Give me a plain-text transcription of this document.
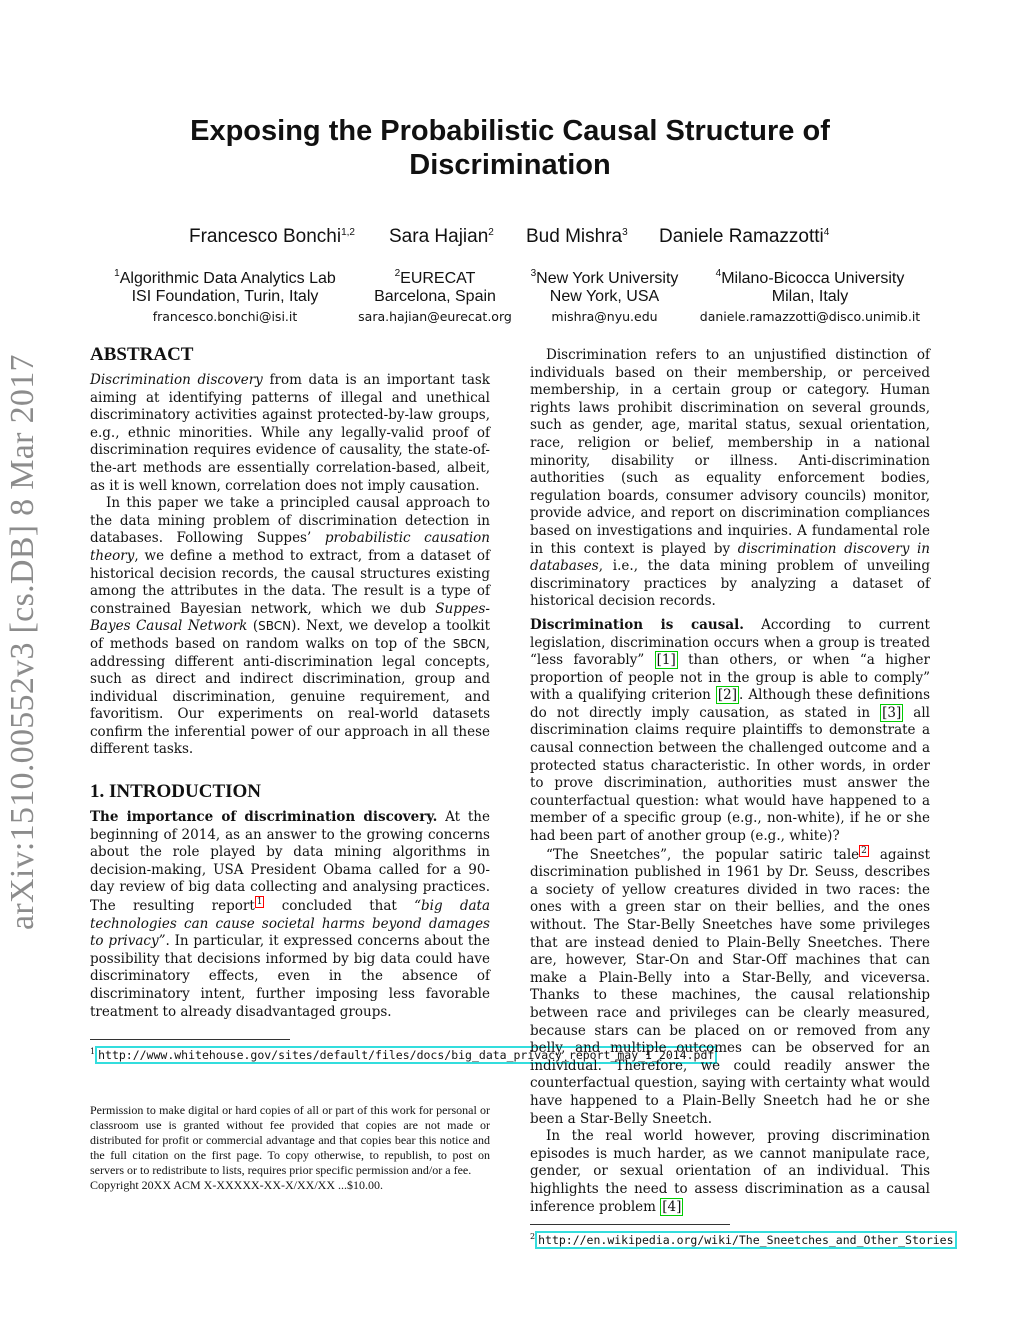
Exposing the Probabilistic Causal Structure of Discrimination
Francesco Bonchi$^{1,2}$ Sara Hajian$^2$ Bud Mishra$^3$ Daniele Ramazzotti$^4$
$^1$Algorithmic Data Analytics Lab
ISI Foundation, Turin, Italy
francesco.bonchi@isi.it
$^2$EURECAT
Barcelona, Spain
sara.hajian@eurecat.org
$^3$New York University
New York, USA
mishra@nyu.edu
$^4$Milano-Bicocca University
Milan, Italy
daniele.ramazzotti@disco.unimib.it
arXiv:1510.00552v3 [cs.DB] 8 Mar 2017	ABSTRACT

Discrimination discovery from data is an important task aiming at identifying patterns of illegal and unethical discriminatory activities against protected-by-law groups, e.g., ethnic minorities. While any legally-valid proof of discrimination requires evidence of causality, the state-of-the-art methods are essentially correlation-based, albeit, as it is well known, correlation does not imply causation.

In this paper we take a principled causal approach to the data mining problem of discrimination detection in databases. Following Suppes’ probabilistic causation theory, we define a method to extract, from a dataset of historical decision records, the causal structures existing among the attributes in the data. The result is a type of constrained Bayesian network, which we dub Suppes-Bayes Causal Network (SBCN). Next, we develop a toolkit of methods based on random walks on top of the SBCN, addressing different anti-discrimination legal concepts, such as direct and indirect discrimination, group and individual discrimination, genuine requirement, and favoritism. Our experiments on real-world datasets confirm the inferential power of our approach in all these different tasks.

1. INTRODUCTION

The importance of discrimination discovery. At the beginning of 2014, as an answer to the growing concerns about the role played by data mining algorithms in decision-making, USA President Obama called for a 90-day review of big data collecting and analysing practices. The resulting report $^1$ concluded that “big data technologies can cause societal harms beyond damages to privacy”. In particular, it expressed concerns about the possibility that decisions informed by big data could have discriminatory effects, even in the absence of discriminatory intent, further imposing less favorable treatment to already disadvantaged groups.

$^1$ http://www.whitehouse.gov/sites/default/files/docs/big_data_privacy_report_may_1_2014.pdf
Permission to make digital or hard copies of all or part of this work for personal or classroom use is granted without fee provided that copies are not made or distributed for profit or commercial advantage and that copies bear this notice and the full citation on the first page. To copy otherwise, to republish, to post on servers or to redistribute to lists, requires prior specific permission and/or a fee.
Copyright 20XX ACM X-XXXXX-XX-X/XX/XX ...$10.00.

Discrimination refers to an unjustified distinction of individuals based on their membership, or perceived membership, in a certain group or category. Human rights laws prohibit discrimination on several grounds, such as gender, age, marital status, sexual orientation, race, religion or belief, membership in a national minority, disability or illness. Anti-discrimination authorities (such as equality enforcement bodies, regulation boards, consumer advisory councils) monitor, provide advice, and report on discrimination compliances based on investigations and inquiries. A fundamental role in this context is played by discrimination discovery in databases, i.e., the data mining problem of unveiling discriminatory practices by analyzing a dataset of historical decision records.

Discrimination is causal. According to current legislation, discrimination occurs when a group is treated “less favorably” [1] than others, or when “a higher proportion of people not in the group is able to comply” with a qualifying criterion [2] . Although these definitions do not directly imply causation, as stated in [3] all discrimination claims require plaintiffs to demonstrate a causal connection between the challenged outcome and a protected status characteristic. In other words, in order to prove discrimination, authorities must answer the counterfactual question: what would have happened to a member of a specific group (e.g., non-white), if he or she had been part of another group (e.g., white)?

“The Sneetches”, the popular satiric tale $^2$ against discrimination published in 1961 by Dr. Seuss, describes a society of yellow creatures divided in two races: the ones with a green star on their bellies, and the ones without. The Star-Belly Sneetches have some privileges that are instead denied to Plain-Belly Sneetches. There are, however, Star-On and Star-Off machines that can make a Plain-Belly into a Star-Belly, and viceversa. Thanks to these machines, the causal relationship between race and privileges can be clearly measured, because stars can be placed on or removed from any belly, and multiple outcomes can be observed for an individual. Therefore, we could readily answer the counterfactual question, saying with certainty what would have happened to a Plain-Belly Sneetch had he or she been a Star-Belly Sneetch.

In the real world however, proving discrimination episodes is much harder, as we cannot manipulate race, gender, or sexual orientation of an individual. This highlights the need to assess discrimination as a causal inference problem [4]

$^2$ http://en.wikipedia.org/wiki/The_Sneetches_and_Other_Stories
